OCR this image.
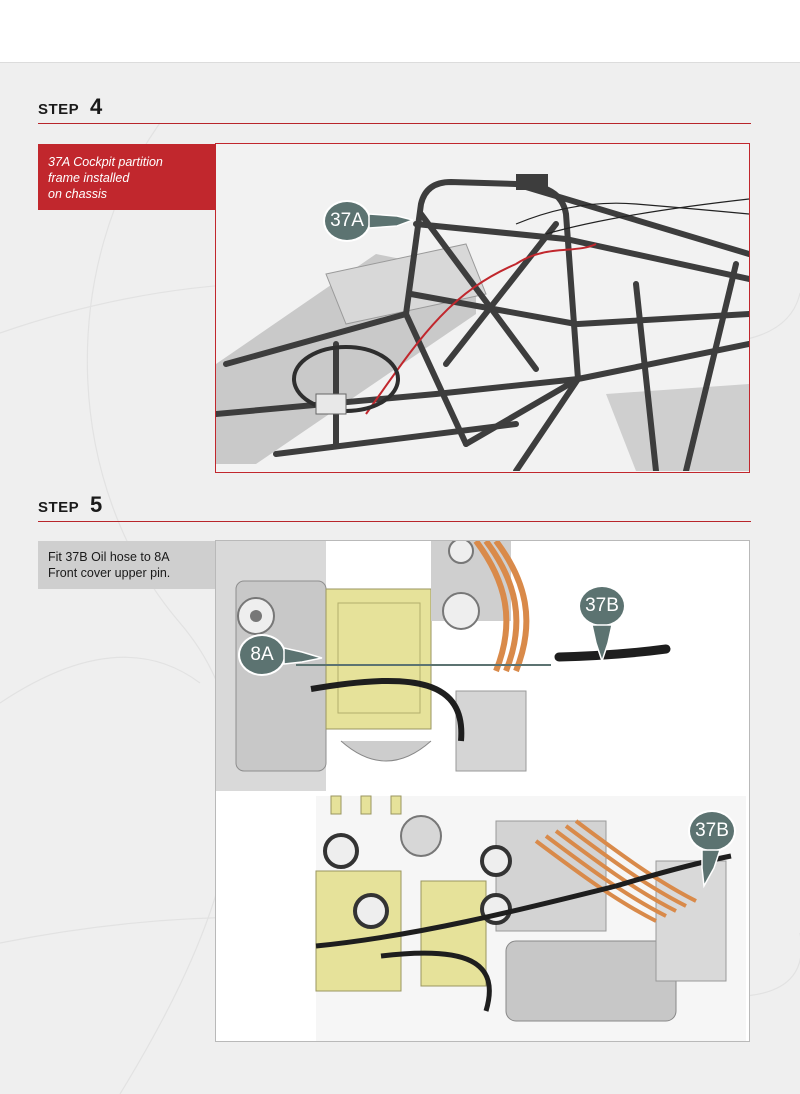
STEP 4
37A Cockpit partition
frame installed
on chassis
37A
STEP 5
Fit 37B Oil hose to 8A
Front cover upper pin.
37B
8A
37B
